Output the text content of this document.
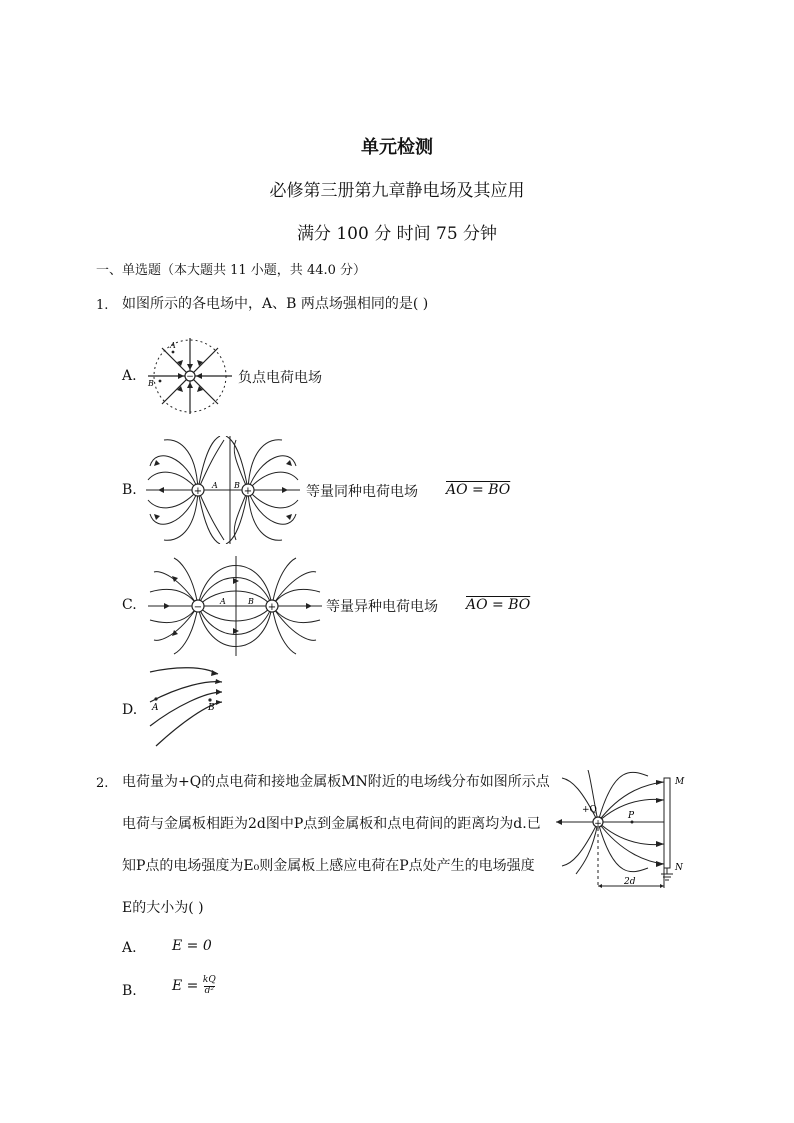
单元检测
必修第三册第九章静电场及其应用
满分 100 分 时间 75 分钟
一、单选题（本大题共 11 小题，共 44.0 分）
1. 如图所示的各电场中，A、B 两点场强相同的是( )
A.	−
A
B	负点电荷电场
B.	+	+
A B	等量同种电荷电场 AO = BO
C.	−	+
A	B	等量异种电荷电场 AO = BO
D. A	B
2. 电荷量为+Q的点电荷和接地金属板MN附近的电场线分布如图所示点
电荷与金属板相距为2d图中P点到金属板和点电荷间的距离均为d.已
知P点的电场强度为E₀则金属板上感应电荷在P点处产生的电场强度
E的大小为( )
+
+Q
P
M
N
2d
A.	E = 0
B.	$E = \frac{kQ}{\text{d²}}$
